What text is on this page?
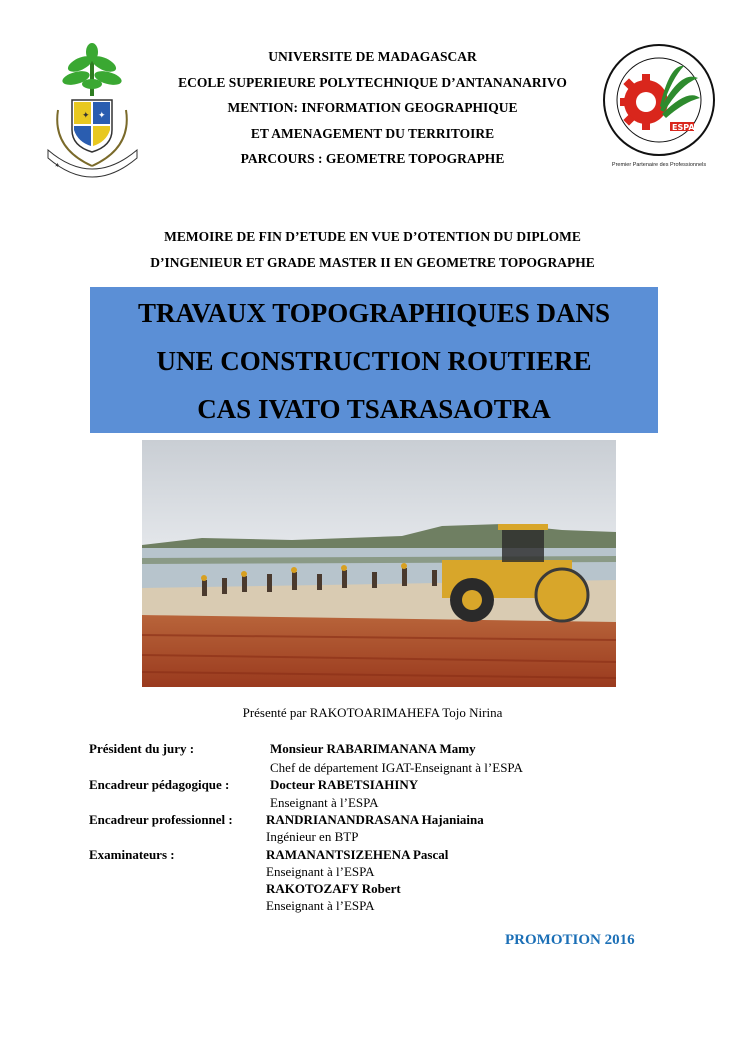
✦ ✦
★
UNIVERSITE DE MADAGASCAR
ECOLE SUPERIEURE POLYTECHNIQUE D’ANTANANARIVO
MENTION: INFORMATION GEOGRAPHIQUE
ET AMENAGEMENT DU TERRITOIRE
PARCOURS : GEOMETRE TOPOGRAPHE
ESPA
Premier Partenaire des Professionnels
MEMOIRE DE FIN D’ETUDE EN VUE D’OTENTION DU DIPLOME
D’INGENIEUR ET GRADE MASTER II EN GEOMETRE TOPOGRAPHE
TRAVAUX TOPOGRAPHIQUES DANS
UNE CONSTRUCTION ROUTIERE
CAS IVATO TSARASAOTRA
Présenté par RAKOTOARIMAHEFA Tojo Nirina
Président du jury :	Monsieur RABARIMANANA Mamy
Chef de département IGAT-Enseignant à l’ESPA
Encadreur pédagogique :	Docteur RABETSIAHINY
Enseignant à l’ESPA
Encadreur professionnel :	RANDRIANANDRASANA Hajaniaina
Ingénieur en BTP
Examinateurs :	RAMANANTSIZEHENA Pascal
Enseignant à l’ESPA
RAKOTOZAFY Robert
Enseignant à l’ESPA
PROMOTION 2016
